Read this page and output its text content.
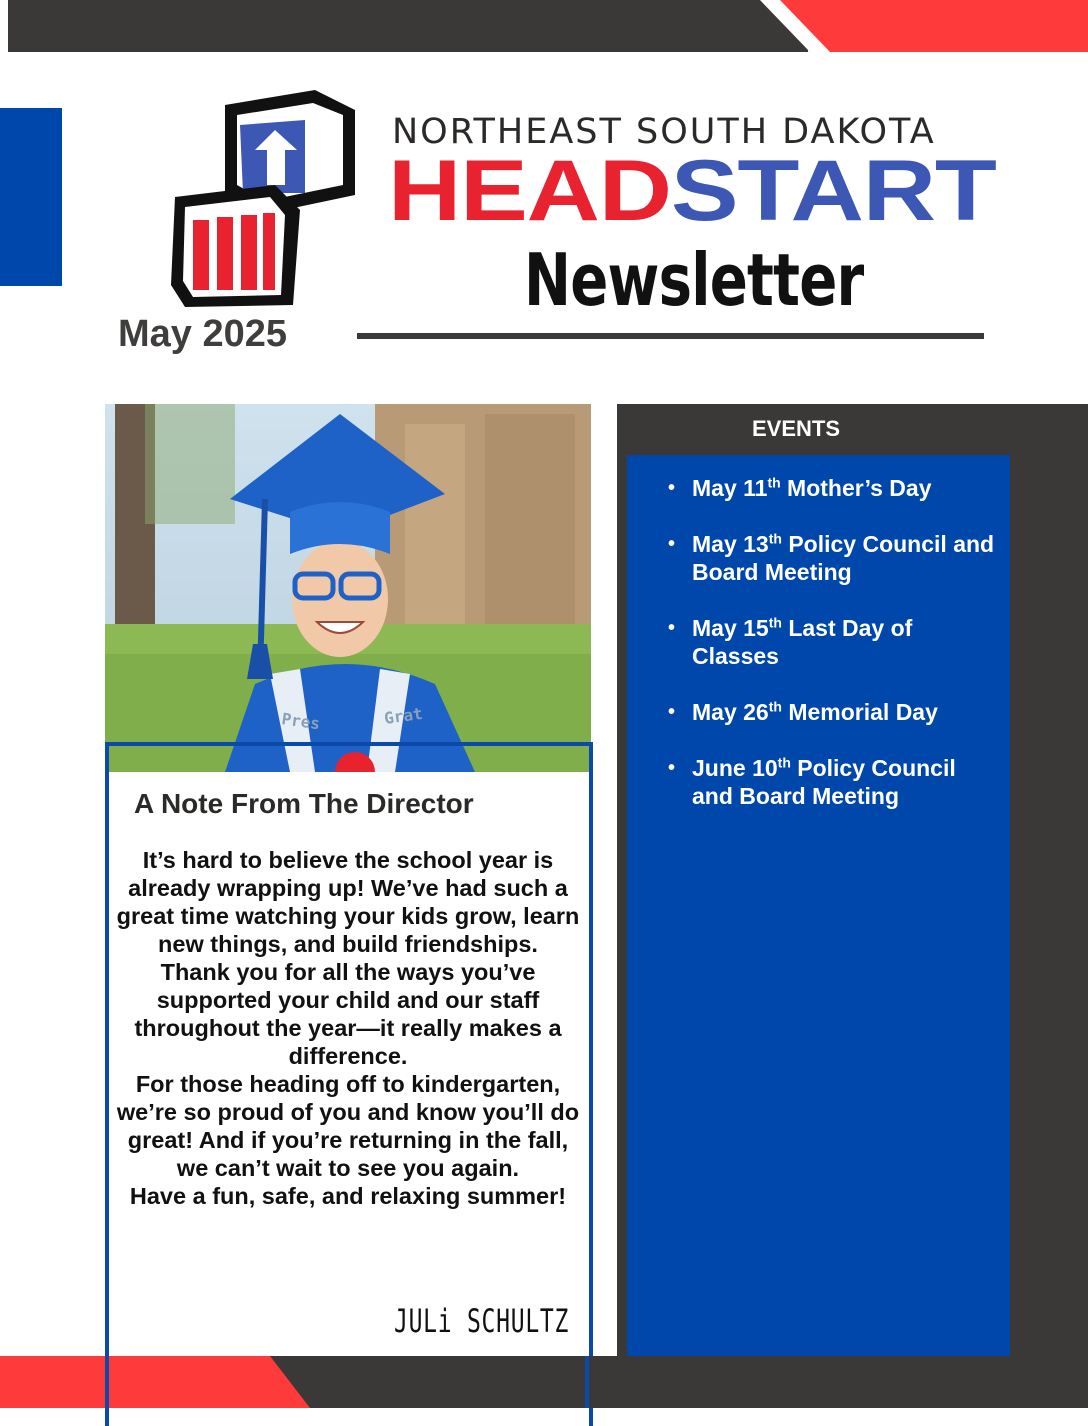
NORTHEAST SOUTH DAKOTA
HEADSTART
Newsletter
May 2025
Pres	Grat
A Note From The Director

It’s hard to believe the school year is already wrapping up! We’ve had such a great time watching your kids grow, learn new things, and build friendships.

Thank you for all the ways you’ve supported your child and our staff throughout the year—it really makes a difference.

For those heading off to kindergarten, we’re so proud of you and know you’ll do great! And if you’re returning in the fall, we can’t wait to see you again.

Have a fun, safe, and relaxing summer!

JULi SCHULTZ
EVENTS
• May 11th Mother’s Day
• May 13th Policy Council and Board Meeting
• May 15th Last Day of Classes
• May 26th Memorial Day
• June 10th Policy Council and Board Meeting
